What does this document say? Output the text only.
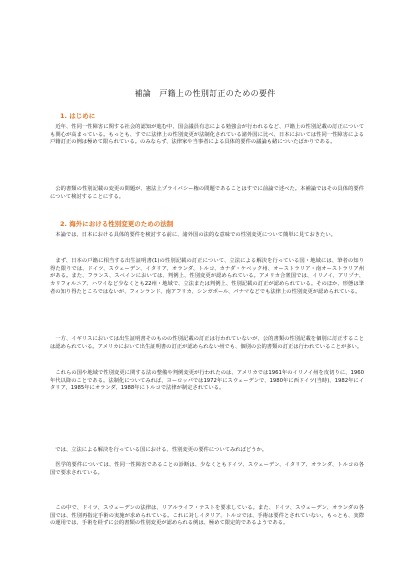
補論　戸籍上の性別訂正のための要件
1. はじめに

　近年、性同一性障害に関する社会的認知が進む中、国会議員有志による勉強会が行われるなど、戸籍上の性別記載の訂正についても関心が高まっている。もっとも、すでに法律上の性別変更が法制化されている諸外国に比べ、日本においては性同一性障害による戸籍訂正の例は極めて限られている。のみならず、法律家や当事者による具体的要件の議論も緒についたばかりである。

　公的書類の性別記載の変更の問題が、憲法上プライバシー権の問題であることはすでに前論で述べた。本補論ではその具体的要件について検討することにする。

2. 海外における性別変更のための法制

　本論では、日本における具体的要件を検討する前に、諸外国の法的な意味での性別変更について簡単に見ておきたい。

　まず、日本の戸籍に相当する出生証明書(1)の性別記載の訂正について、立法による解決を行っている国・地域には、筆者の知り得た限りでは、ドイツ、スウェーデン、イタリア、オランダ、トルコ、カナダ・ケベック州、オーストラリア・南オーストラリア州がある。また、フランス、スペインにおいては、判例上、性別変更が認められている。アメリカ合衆国では、イリノイ、アリゾナ、カリフォルニア、ハワイなど少なくとも22州・地域で、立法または判例上、性別記載の訂正が認められている。そのほか、形態は筆者の知り得たところではないが、フィンランド、南アフリカ、シンガポール、パナマなどでも法律上の性別変更が認められている。

　一方、イギリスにおいては出生証明書そのものの性別記載の訂正は行われていないが、公的書類の性別記載を個別に訂正することは認められている。アメリカにおいて出生証明書の訂正が認められない州でも、個別の公的書類の訂正は行われていることが多い。

　これらの国や地域で性別変更に関する法の整備や判例変更が行われたのは、アメリカでは1961年のイリノイ州を皮切りに、1960年代以降のことである。法制化についてみれば、ヨーロッパでは1972年にスウェーデンで、1980年に西ドイツ(当時)、1982年にイタリア、1985年にオランダ、1988年にトルコで法律が制定されている。

　では、立法による解決を行っている国における、性別変更の要件についてみればどうか。

　医学的要件については、性同一性障害であることの診断は、少なくともドイツ、スウェーデン、イタリア、オランダ、トルコの各国で要求されている。

　この中で、ドイツ、スウェーデンの法律は、リアルライフ・テストを要求している。また、ドイツ、スウェーデン、オランダの各国では、性別再指定手術の実施が求められている。これに対しイタリア、トルコでは、手術は要件とされていない。もっとも、実際の運用では、手術を経ずに公的書類の性別変更が認められる例は、極めて限定的であるようである。
